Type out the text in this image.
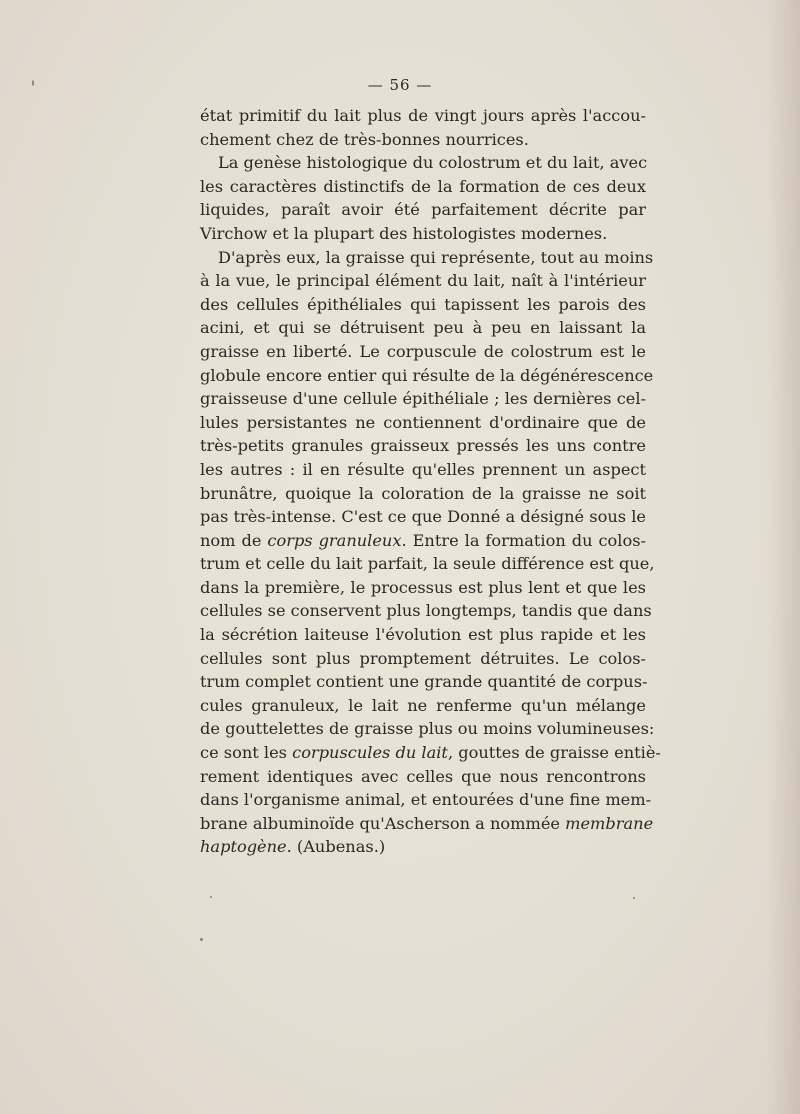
— 56 —
état primitif du lait plus de vingt jours après l'accou-
chement chez de très-bonnes nourrices.
La genèse histologique du colostrum et du lait, avec
les caractères distinctifs de la formation de ces deux
liquides, paraît avoir été parfaitement décrite par
Virchow et la plupart des histologistes modernes.
D'après eux, la graisse qui représente, tout au moins
à la vue, le principal élément du lait, naît à l'intérieur
des cellules épithéliales qui tapissent les parois des
acini, et qui se détruisent peu à peu en laissant la
graisse en liberté. Le corpuscule de colostrum est le
globule encore entier qui résulte de la dégénérescence
graisseuse d'une cellule épithéliale ; les dernières cel-
lules persistantes ne contiennent d'ordinaire que de
très-petits granules graisseux pressés les uns contre
les autres : il en résulte qu'elles prennent un aspect
brunâtre, quoique la coloration de la graisse ne soit
pas très-intense. C'est ce que Donné a désigné sous le
nom de corps granuleux. Entre la formation du colos-
trum et celle du lait parfait, la seule différence est que,
dans la première, le processus est plus lent et que les
cellules se conservent plus longtemps, tandis que dans
la sécrétion laiteuse l'évolution est plus rapide et les
cellules sont plus promptement détruites. Le colos-
trum complet contient une grande quantité de corpus-
cules granuleux, le lait ne renferme qu'un mélange
de gouttelettes de graisse plus ou moins volumineuses:
ce sont les corpuscules du lait, gouttes de graisse entiè-
rement identiques avec celles que nous rencontrons
dans l'organisme animal, et entourées d'une fine mem-
brane albuminoïde qu'Ascherson a nommée membrane
haptogène. (Aubenas.)
